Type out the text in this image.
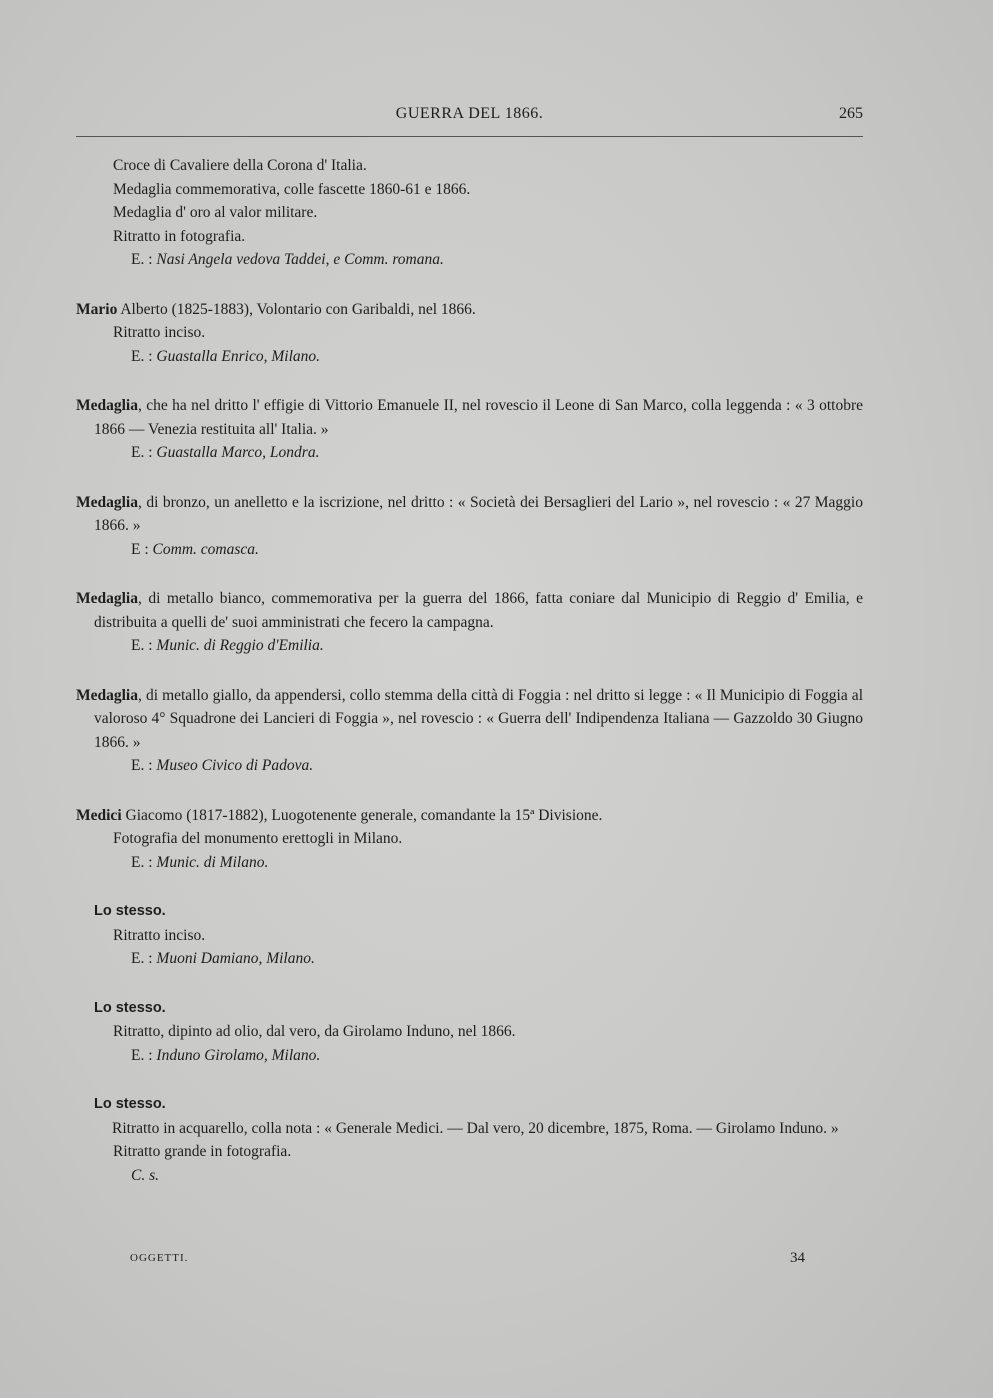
GUERRA DEL 1866.	265

Croce di Cavaliere della Corona d' Italia.

Medaglia commemorativa, colle fascette 1860-61 e 1866.

Medaglia d' oro al valor militare.

Ritratto in fotografia.

E. : Nasi Angela vedova Taddei, e Comm. romana.

Mario Alberto (1825-1883), Volontario con Garibaldi, nel 1866.

Ritratto inciso.

E. : Guastalla Enrico, Milano.

Medaglia, che ha nel dritto l' effigie di Vittorio Emanuele II, nel rovescio il Leone di San Marco, colla leggenda : « 3 ottobre 1866 — Venezia restituita all' Italia. »

E. : Guastalla Marco, Londra.

Medaglia, di bronzo, un anelletto e la iscrizione, nel dritto : « Società dei Bersaglieri del Lario », nel rovescio : « 27 Maggio 1866. »

E : Comm. comasca.

Medaglia, di metallo bianco, commemorativa per la guerra del 1866, fatta coniare dal Municipio di Reggio d' Emilia, e distribuita a quelli de' suoi amministrati che fecero la campagna.

E. : Munic. di Reggio d'Emilia.

Medaglia, di metallo giallo, da appendersi, collo stemma della città di Foggia : nel dritto si legge : « Il Municipio di Foggia al valoroso 4° Squadrone dei Lancieri di Foggia », nel rovescio : « Guerra dell' Indipendenza Italiana — Gazzoldo 30 Giugno 1866. »

E. : Museo Civico di Padova.

Medici Giacomo (1817-1882), Luogotenente generale, comandante la 15ª Divisione.

Fotografia del monumento erettogli in Milano.

E. : Munic. di Milano.

Lo stesso.

Ritratto inciso.

E. : Muoni Damiano, Milano.

Lo stesso.

Ritratto, dipinto ad olio, dal vero, da Girolamo Induno, nel 1866.

E. : Induno Girolamo, Milano.

Lo stesso.

Ritratto in acquarello, colla nota : « Generale Medici. — Dal vero, 20 dicembre, 1875, Roma. — Girolamo Induno. »

Ritratto grande in fotografia.

C. s.

OGGETTI.	34
